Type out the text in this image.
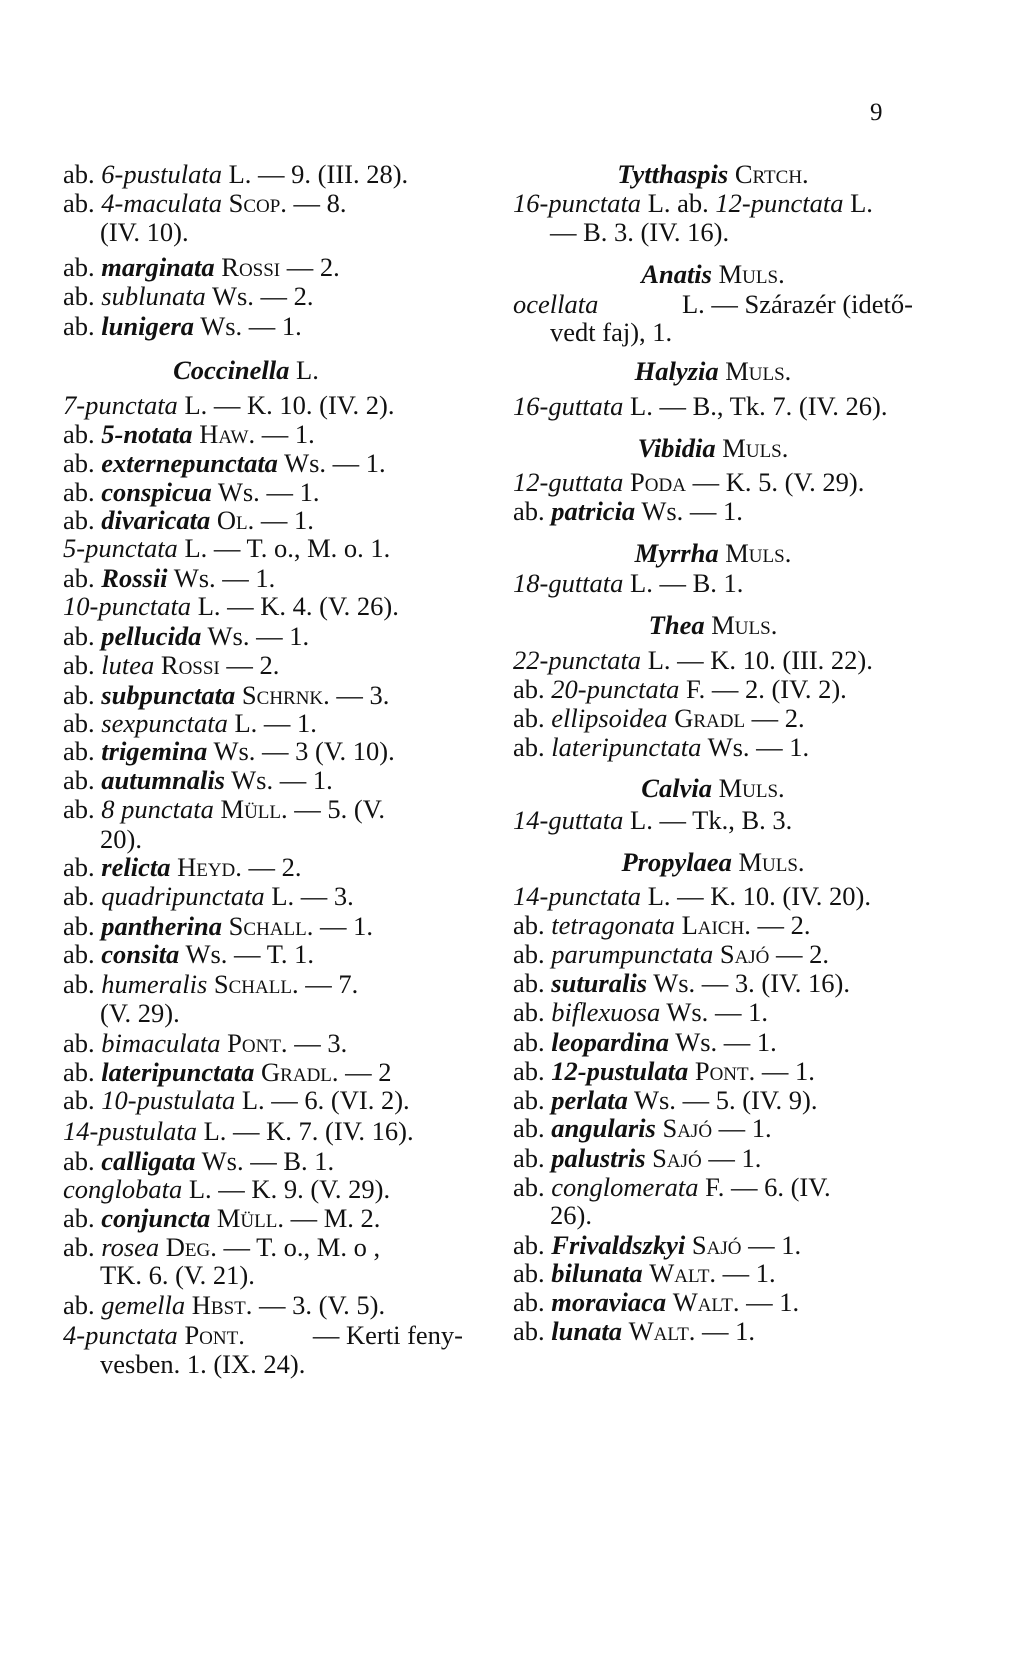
9
ab. 6-pustulata L. — 9. (III. 28).
ab. 4-maculata Scop. — 8.
(IV. 10).
ab. marginata Rossi — 2.
ab. sublunata Ws. — 2.
ab. lunigera Ws. — 1.
Coccinella L.
7-punctata L. — K. 10. (IV. 2).
ab. 5-notata Haw. — 1.
ab. externepunctata Ws. — 1.
ab. conspicua Ws. — 1.
ab. divaricata Ol. — 1.
5-punctata L. — T. o., M. o. 1.
ab. Rossii Ws. — 1.
10-punctata L. — K. 4. (V. 26).
ab. pellucida Ws. — 1.
ab. lutea Rossi — 2.
ab. subpunctata Schrnk. — 3.
ab. sexpunctata L. — 1.
ab. trigemina Ws. — 3 (V. 10).
ab. autumnalis Ws. — 1.
ab. 8 punctata Müll. — 5. (V.
20).
ab. relicta Heyd. — 2.
ab. quadripunctata L. — 3.
ab. pantherina Schall. — 1.
ab. consita Ws. — T. 1.
ab. humeralis Schall. — 7.
(V. 29).
ab. bimaculata Pont. — 3.
ab. lateripunctata Gradl. — 2
ab. 10-pustulata L. — 6. (VI. 2).
14-pustulata L. — K. 7. (IV. 16).
ab. calligata Ws. — B. 1.
conglobata L. — K. 9. (V. 29).
ab. conjuncta Müll. — M. 2.
ab. rosea Deg. — T. o., M. o ,
TK. 6. (V. 21).
ab. gemella Hbst. — 3. (V. 5).
4-punctata Pont.	— Kerti feny-
vesben. 1. (IX. 24).
Tytthaspis Crtch.
16-punctata L. ab. 12-punctata L.
— B. 3. (IV. 16).
Anatis Muls.
ocellata	L. — Szárazér (idető-
vedt faj), 1.
Halyzia Muls.
16-guttata L. — B., Tk. 7. (IV. 26).
Vibidia Muls.
12-guttata Poda — K. 5. (V. 29).
ab. patricia Ws. — 1.
Myrrha Muls.
18-guttata L. — B. 1.
Thea Muls.
22-punctata L. — K. 10. (III. 22).
ab. 20-punctata F. — 2. (IV. 2).
ab. ellipsoidea Gradl — 2.
ab. lateripunctata Ws. — 1.
Calvia Muls.
14-guttata L. — Tk., B. 3.
Propylaea Muls.
14-punctata L. — K. 10. (IV. 20).
ab. tetragonata Laich. — 2.
ab. parumpunctata Sajó — 2.
ab. suturalis Ws. — 3. (IV. 16).
ab. biflexuosa Ws. — 1.
ab. leopardina Ws. — 1.
ab. 12-pustulata Pont. — 1.
ab. perlata Ws. — 5. (IV. 9).
ab. angularis Sajó — 1.
ab. palustris Sajó — 1.
ab. conglomerata F. — 6. (IV.
26).
ab. Frivaldszkyi Sajó — 1.
ab. bilunata Walt. — 1.
ab. moraviaca Walt. — 1.
ab. lunata Walt. — 1.
